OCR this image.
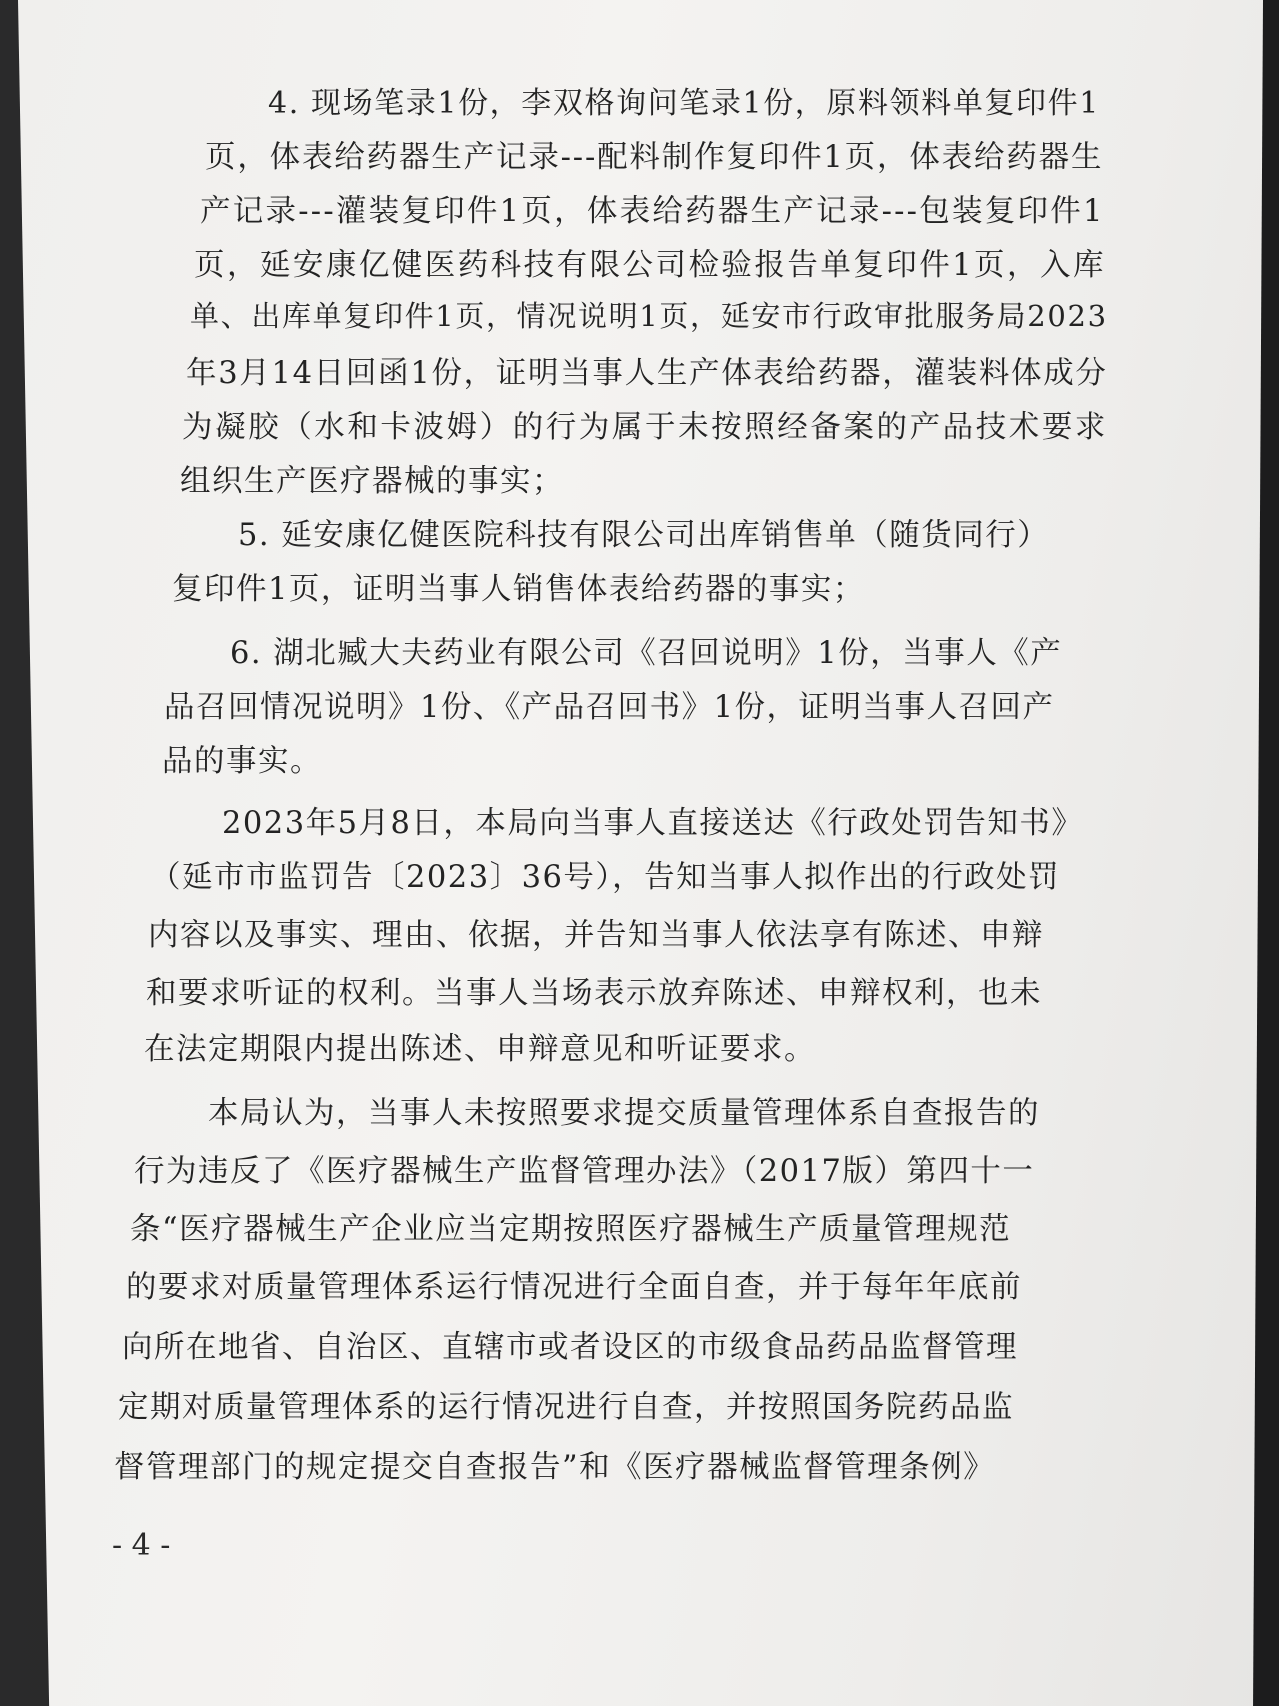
4. 现场笔录1份，李双格询问笔录1份，原料领料单复印件1
页，体表给药器生产记录---配料制作复印件1页，体表给药器生
产记录---灌装复印件1页，体表给药器生产记录---包装复印件1
页，延安康亿健医药科技有限公司检验报告单复印件1页，入库
单、出库单复印件1页，情况说明1页，延安市行政审批服务局2023
年3月14日回函1份，证明当事人生产体表给药器，灌装料体成分
为凝胶（水和卡波姆）的行为属于未按照经备案的产品技术要求
组织生产医疗器械的事实；
5. 延安康亿健医院科技有限公司出库销售单（随货同行）
复印件1页，证明当事人销售体表给药器的事实；
6. 湖北臧大夫药业有限公司《召回说明》1份，当事人《产
品召回情况说明》1份、《产品召回书》1份，证明当事人召回产
品的事实。
2023年5月8日，本局向当事人直接送达《行政处罚告知书》
（延市市监罚告〔2023〕36号），告知当事人拟作出的行政处罚
内容以及事实、理由、依据，并告知当事人依法享有陈述、申辩
和要求听证的权利。当事人当场表示放弃陈述、申辩权利，也未
在法定期限内提出陈述、申辩意见和听证要求。
本局认为，当事人未按照要求提交质量管理体系自查报告的
行为违反了《医疗器械生产监督管理办法》（2017版）第四十一
条“医疗器械生产企业应当定期按照医疗器械生产质量管理规范
的要求对质量管理体系运行情况进行全面自查，并于每年年底前
向所在地省、自治区、直辖市或者设区的市级食品药品监督管理
定期对质量管理体系的运行情况进行自查，并按照国务院药品监
督管理部门的规定提交自查报告”和《医疗器械监督管理条例》
- 4 -
